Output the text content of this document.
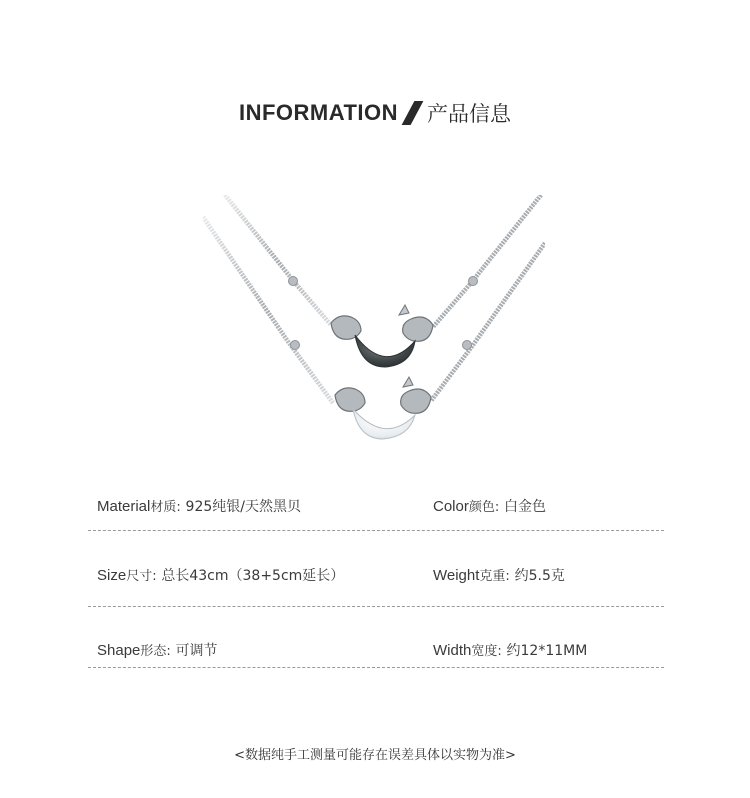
INFORMATION 产品信息
Material材质: 925纯银/天然黑贝	Color颜色: 白金色
Size尺寸: 总长43cm（38+5cm延长）	Weight克重: 约5.5克
Shape形态: 可调节	Width宽度: 约12*11MM
<数据纯手工测量可能存在误差具体以实物为准>
